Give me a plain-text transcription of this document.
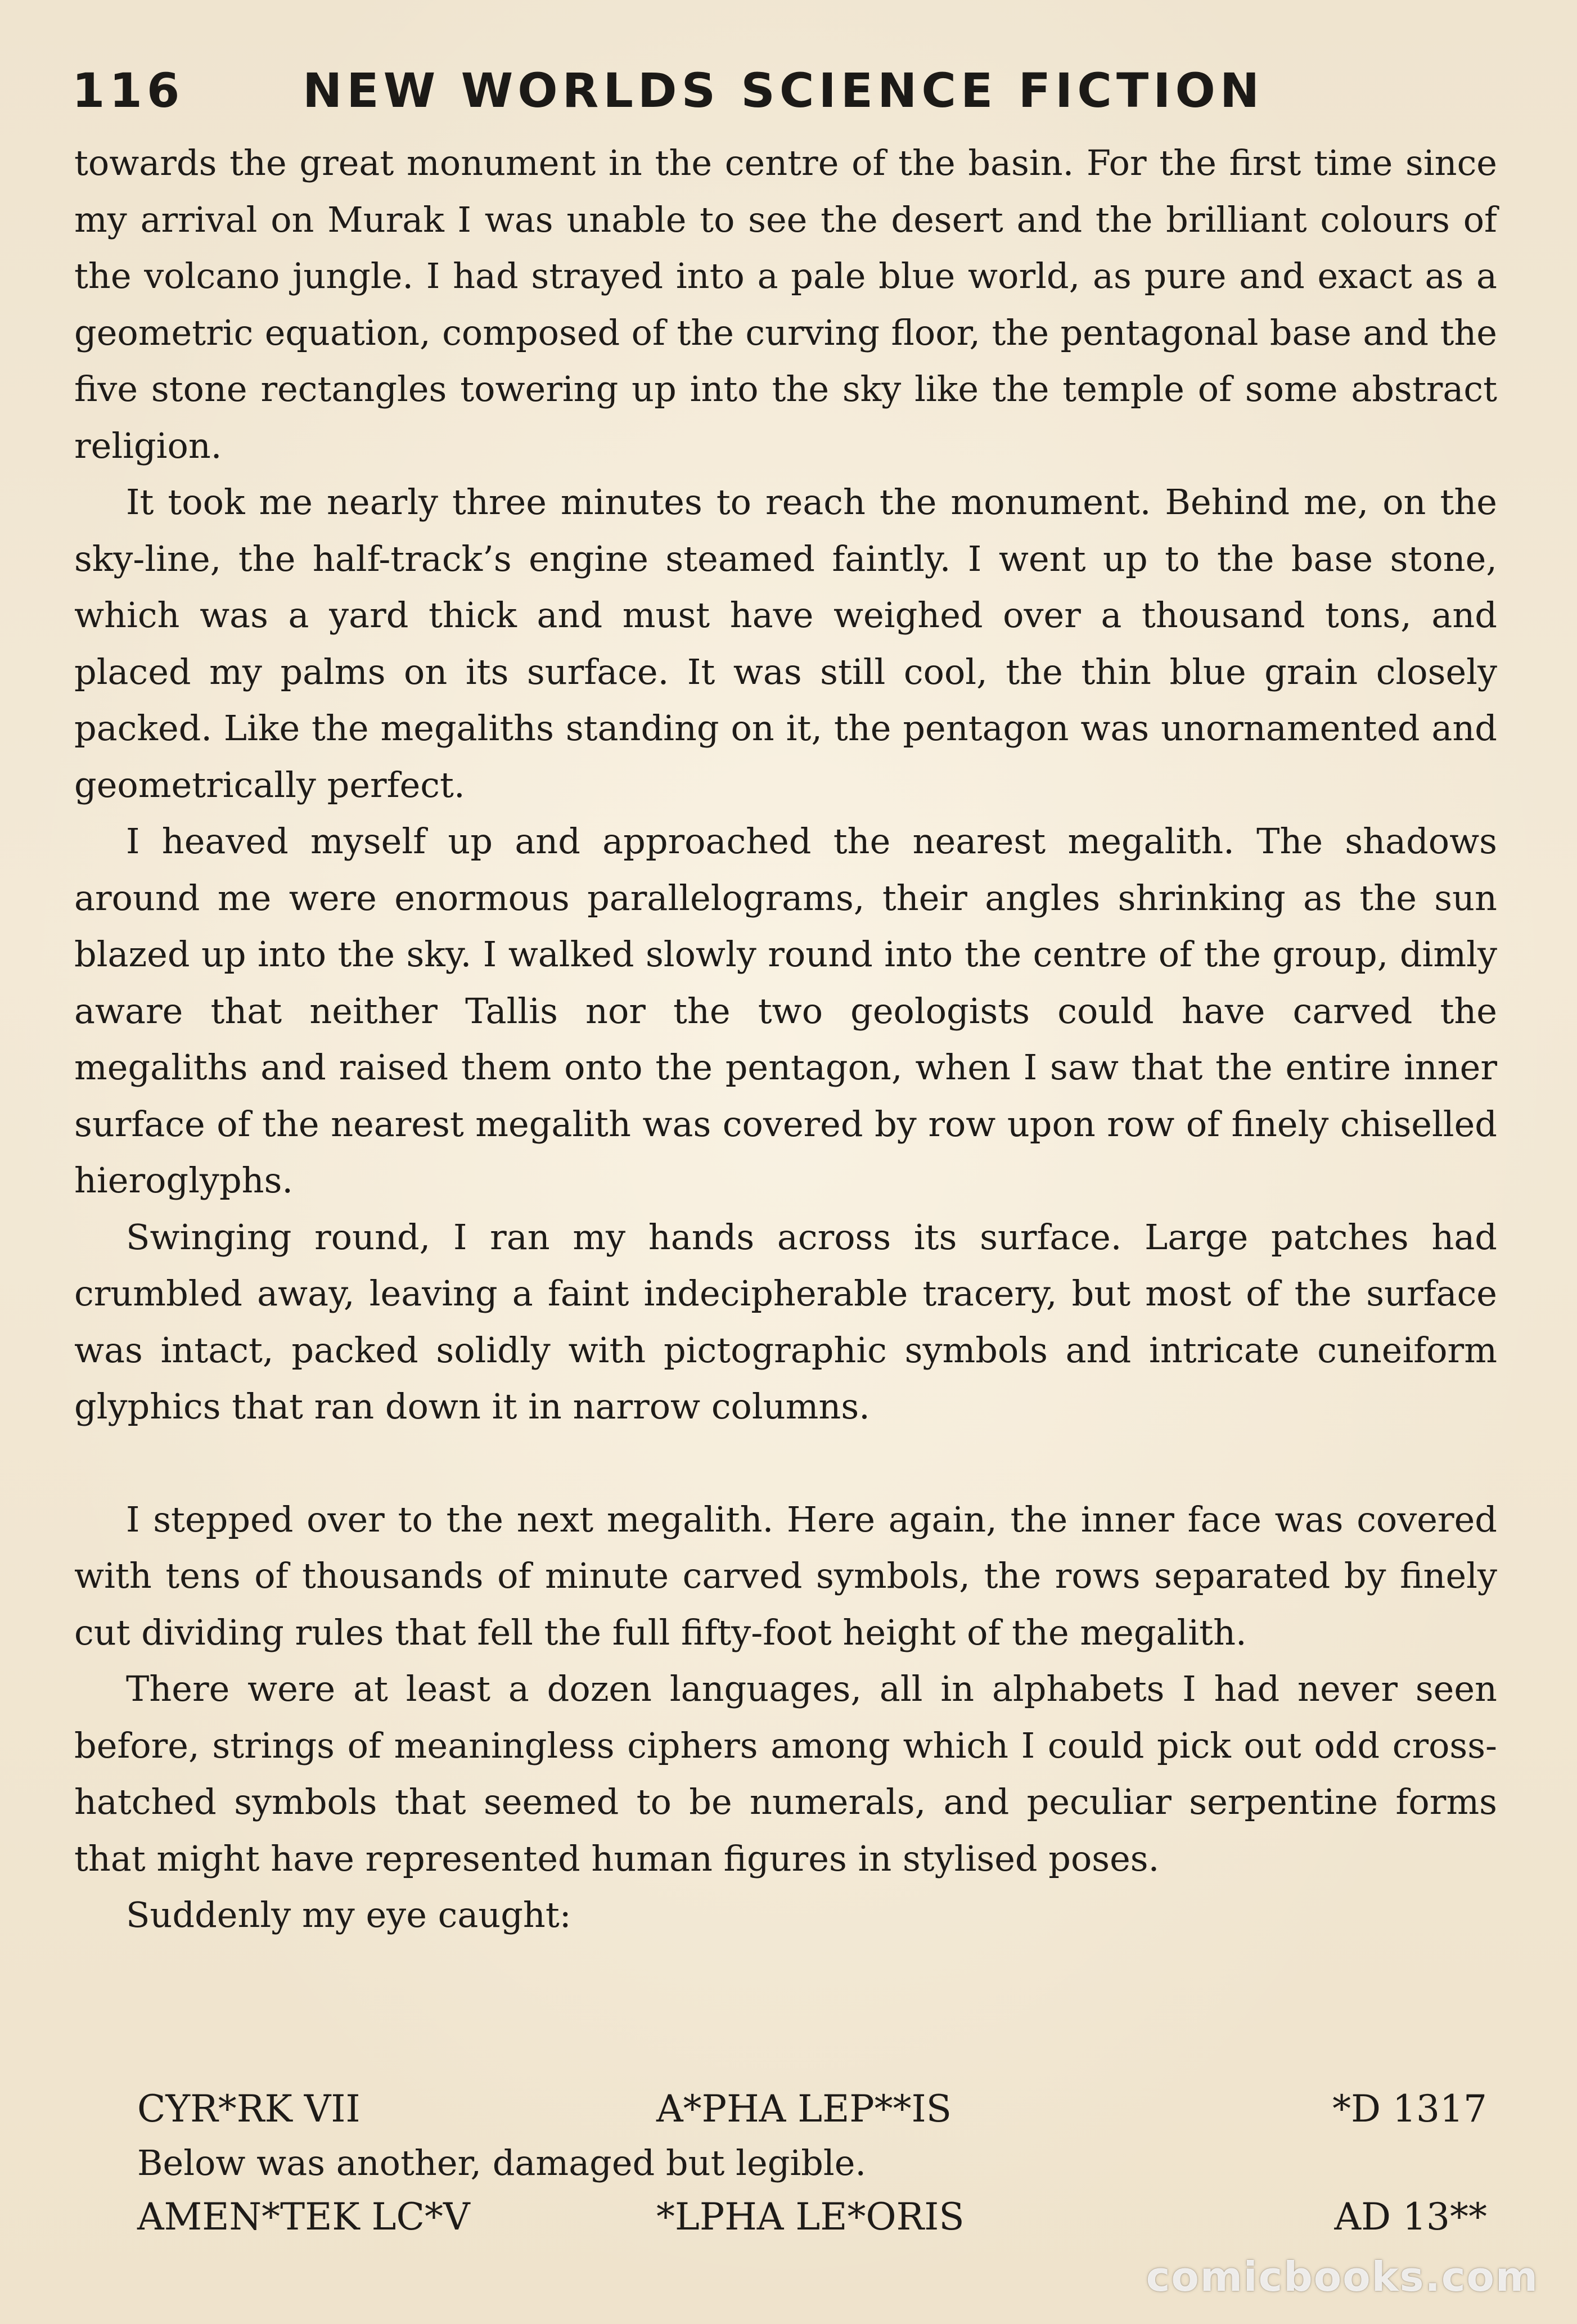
116	NEW WORLDS SCIENCE FICTION

towards the great monument in the centre of the basin. For the first time since my arrival on Murak I was unable to see the desert and the brilliant colours of the volcano jungle. I had strayed into a pale blue world, as pure and exact as a geometric equation, composed of the curving floor, the pentagonal base and the five stone rectangles towering up into the sky like the temple of some abstract religion.

It took me nearly three minutes to reach the monument. Behind me, on the sky-line, the half-track’s engine steamed faintly. I went up to the base stone, which was a yard thick and must have weighed over a thousand tons, and placed my palms on its surface. It was still cool, the thin blue grain closely packed. Like the megaliths standing on it, the pentagon was unornamented and geometrically perfect.

I heaved myself up and approached the nearest megalith. The shadows around me were enormous parallelograms, their angles shrinking as the sun blazed up into the sky. I walked slowly round into the centre of the group, dimly aware that neither Tallis nor the two geologists could have carved the megaliths and raised them onto the pentagon, when I saw that the entire inner surface of the nearest megalith was covered by row upon row of finely chiselled hieroglyphs.

Swinging round, I ran my hands across its surface. Large patches had crumbled away, leaving a faint indecipherable tracery, but most of the surface was intact, packed solidly with pictographic symbols and intricate cuneiform glyphics that ran down it in narrow columns.

I stepped over to the next megalith. Here again, the inner face was covered with tens of thousands of minute carved symbols, the rows separated by finely cut dividing rules that fell the full fifty-foot height of the megalith.

There were at least a dozen languages, all in alphabets I had never seen before, strings of meaningless ciphers among which I could pick out odd cross-hatched symbols that seemed to be numerals, and peculiar serpentine forms that might have represented human figures in stylised poses.

Suddenly my eye caught:

CYR*RK VII	A*PHA LEP**IS	*D 1317
Below was another, damaged but legible.
AMEN*TEK LC*V	*LPHA LE*ORIS	AD 13**
comicbooks.com
